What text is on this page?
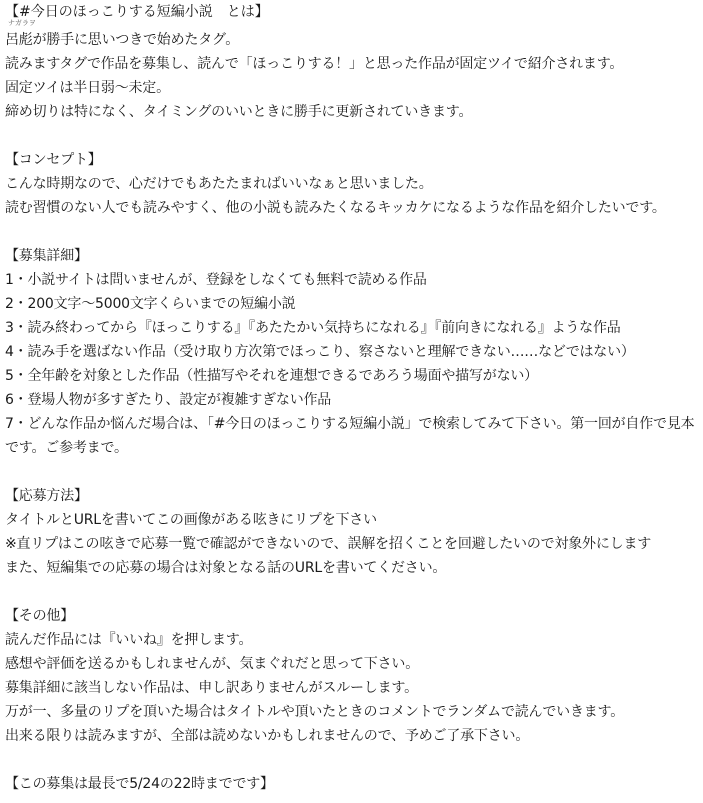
【#今日のほっこりする短編小説　とは】
ナガラヲ
呂彪が勝手に思いつきで始めたタグ。
読みますタグで作品を募集し、読んで「ほっこりする！」と思った作品が固定ツイで紹介されます。
固定ツイは半日弱〜未定。
締め切りは特になく、タイミングのいいときに勝手に更新されていきます。
【コンセプト】
こんな時期なので、心だけでもあたたまればいいなぁと思いました。
読む習慣のない人でも読みやすく、他の小説も読みたくなるキッカケになるような作品を紹介したいです。
【募集詳細】
1・小説サイトは問いませんが、登録をしなくても無料で読める作品
2・200文字〜5000文字くらいまでの短編小説
3・読み終わってから『ほっこりする』『あたたかい気持ちになれる』『前向きになれる』ような作品
4・読み手を選ばない作品（受け取り方次第でほっこり、察さないと理解できない……などではない）
5・全年齢を対象とした作品（性描写やそれを連想できるであろう場面や描写がない）
6・登場人物が多すぎたり、設定が複雑すぎない作品
7・どんな作品か悩んだ場合は、「#今日のほっこりする短編小説」で検索してみて下さい。第一回が自作で見本
です。ご参考まで。
【応募方法】
タイトルとURLを書いてこの画像がある呟きにリプを下さい
※直リプはこの呟きで応募一覧で確認ができないので、誤解を招くことを回避したいので対象外にします
また、短編集での応募の場合は対象となる話のURLを書いてください。
【その他】
読んだ作品には『いいね』を押します。
感想や評価を送るかもしれませんが、気まぐれだと思って下さい。
募集詳細に該当しない作品は、申し訳ありませんがスルーします。
万が一、多量のリプを頂いた場合はタイトルや頂いたときのコメントでランダムで読んでいきます。
出来る限りは読みますが、全部は読めないかもしれませんので、予めご了承下さい。
【この募集は最長で5/24の22時までです】
